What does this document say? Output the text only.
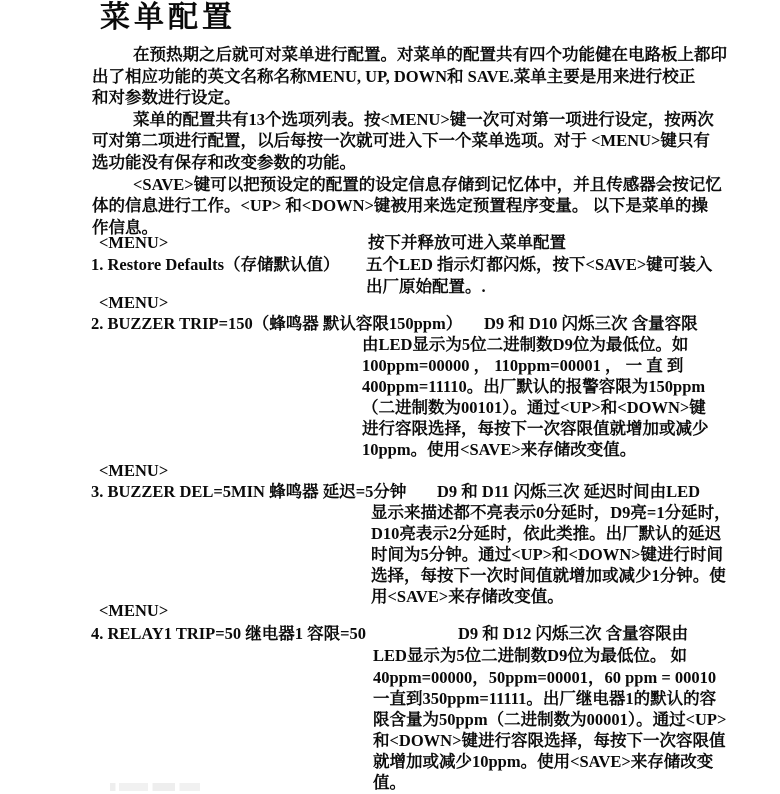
菜单配置
在预热期之后就可对菜单进行配置。对菜单的配置共有四个功能健在电路板上都印
出了相应功能的英文名称名称MENU, UP, DOWN和 SAVE.菜单主要是用来进行校正
和对参数进行设定。
菜单的配置共有13个选项列表。按<MENU>键一次可对第一项进行设定，按两次
可对第二项进行配置，以后每按一次就可进入下一个菜单选项。对于 <MENU>键只有
选功能没有保存和改变参数的功能。
<SAVE>键可以把预设定的配置的设定信息存储到记忆体中，并且传感器会按记忆
体的信息进行工作。<UP> 和<DOWN>键被用来选定预置程序变量。 以下是菜单的操
作信息。
<MENU>	按下并释放可进入菜单配置
1. Restore Defaults（存储默认值） 五个LED 指示灯都闪烁，按下<SAVE>键可装入
出厂原始配置。.
<MENU>
2. BUZZER TRIP=150（蜂鸣器 默认容限150ppm） D9 和 D10 闪烁三次 含量容限
由LED显示为5位二进制数D9位为最低位。如
100ppm=00000 ， 110ppm=00001 ， 一 直 到
400ppm=11110。出厂默认的报警容限为150ppm
（二进制数为00101）。通过<UP>和<DOWN>键
进行容限选择，每按下一次容限值就增加或减少
10ppm。使用<SAVE>来存储改变值。
<MENU>
3. BUZZER DEL=5MIN 蜂鸣器 延迟=5分钟 D9 和 D11 闪烁三次 延迟时间由LED
显示来描述都不亮表示0分延时，D9亮=1分延时，
D10亮表示2分延时，依此类推。出厂默认的延迟
时间为5分钟。通过<UP>和<DOWN>键进行时间
选择，每按下一次时间值就增加或减少1分钟。使
用<SAVE>来存储改变值。
<MENU>
4. RELAY1 TRIP=50 继电器1 容限=50	D9 和 D12 闪烁三次 含量容限由
LED显示为5位二进制数D9位为最低位。 如
40ppm=00000，50ppm=00001，60 ppm = 00010
一直到350ppm=11111。出厂继电器1的默认的容
限含量为50ppm（二进制数为00001）。通过<UP>
和<DOWN>键进行容限选择，每按下一次容限值
就增加或减少10ppm。使用<SAVE>来存储改变
值。
